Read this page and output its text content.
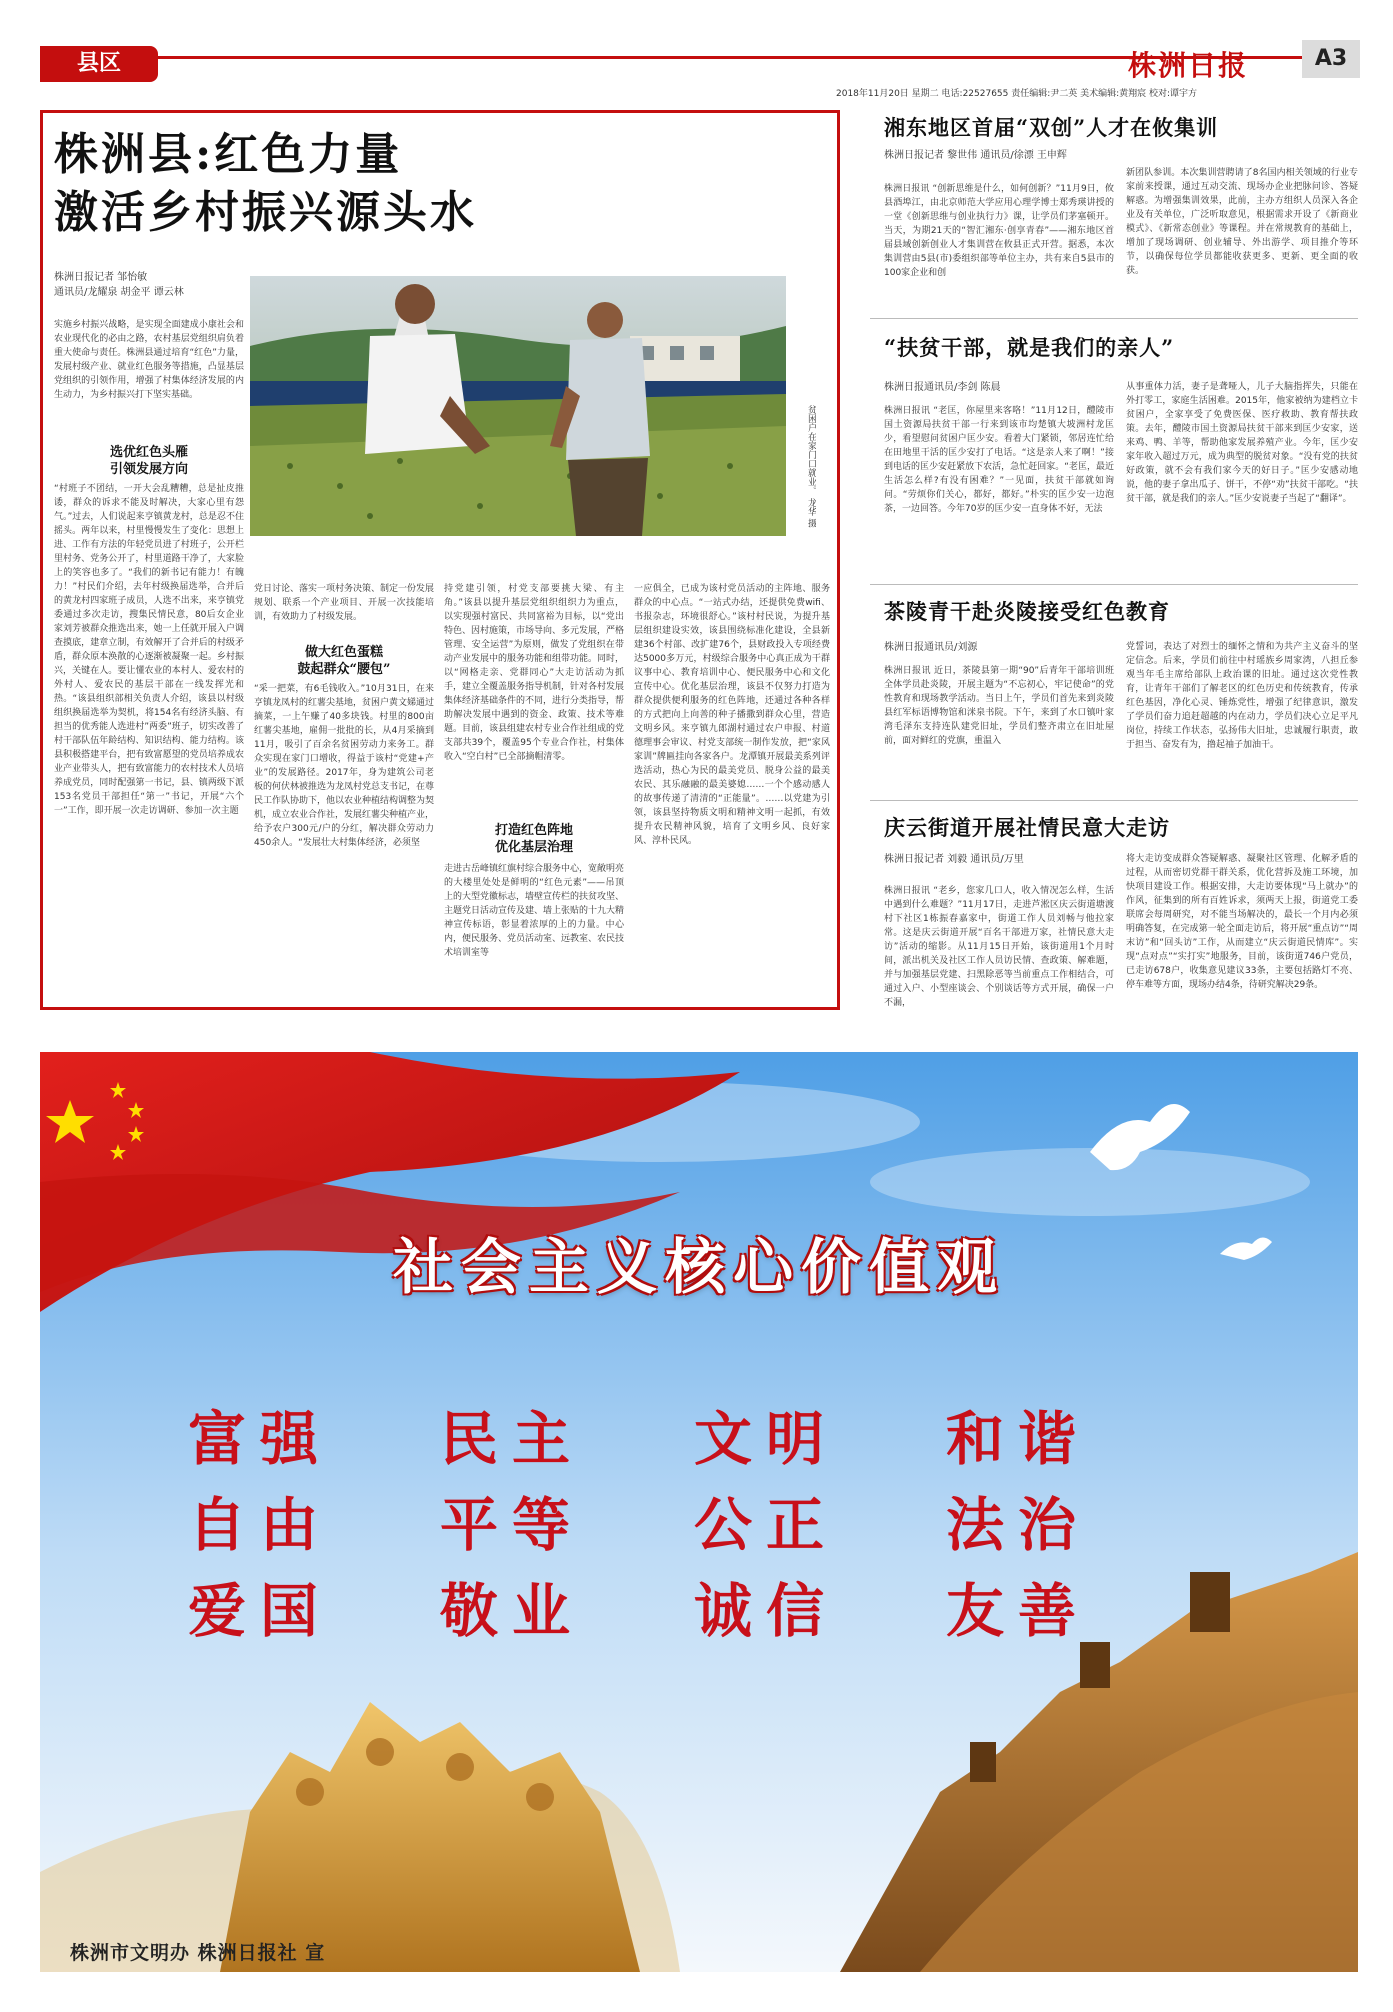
县区	株洲日报	A3
2018年11月20日 星期二 电话:22527655 责任编辑:尹二英 美术编辑:黄翔宸 校对:谭宇方
株洲县:红色力量
激活乡村振兴源头水
株洲日报记者 邹怡敏
通讯员/龙耀泉 胡金平 谭云林
贫困户在家门口就业。 龙华 摄
实施乡村振兴战略，是实现全面建成小康社会和农业现代化的必由之路，农村基层党组织肩负着重大使命与责任。株洲县通过培育“红色”力量，发展村级产业、就业红色服务等措施，凸显基层党组织的引领作用，增强了村集体经济发展的内生动力，为乡村振兴打下坚实基础。
选优红色头雁
引领发展方向
“村班子不团结，一开大会乱糟糟，总是扯皮推诿，群众的诉求不能及时解决，大家心里有怨气。”过去，人们说起来亨镇黄龙村，总是忍不住摇头。两年以来，村里慢慢发生了变化：思想上进、工作有方法的年轻党员进了村班子，公开栏里村务、党务公开了，村里道路干净了，大家脸上的笑容也多了。“我们的新书记有能力！有魄力！”村民们介绍，去年村级换届选举，合并后的黄龙村四家班子成员，人选不出来，来亨镇党委通过多次走访，搜集民情民意，80后女企业家刘芳被群众推选出来，她一上任就开展入户调查摸底，建章立制，有效解开了合并后的村级矛盾，群众原本涣散的心逐渐被凝聚一起。乡村振兴，关键在人。要让懂农业的本村人、爱农村的外村人、爱农民的基层干部在一线发挥光和热。“该县组织部相关负责人介绍，该县以村级组织换届选举为契机，将154名有经济头脑、有担当的优秀能人选进村”两委”班子，切实改善了村干部队伍年龄结构、知识结构、能力结构。该县积极搭建平台，把有致富愿望的党员培养成农业产业带头人，把有致富能力的农村技术人员培养成党员，同时配强第一书记，县、镇两级下派153名党员干部担任“第一”书记，开展“六个一”工作，即开展一次走访调研、参加一次主题
党日讨论、落实一项村务决策、制定一份发展规划、联系一个产业项目、开展一次技能培训，有效助力了村级发展。
做大红色蛋糕
鼓起群众“腰包”
“采一把菜，有6毛钱收入。”10月31日，在来亨镇龙凤村的红薯尖基地，贫困户黄文娣通过摘菜，一上午赚了40多块钱。村里的800亩红薯尖基地，雇佣一批批的长，从4月采摘到11月，吸引了百余名贫困劳动力来务工。群众实现在家门口增收，得益于该村“党建+产业”的发展路径。2017年，身为建筑公司老板的何伏林被推选为龙凤村党总支书记，在尊民工作队协助下，他以农业种植结构调整为契机，成立农业合作社，发展红薯尖种植产业，给予农户300元/户的分红，解决群众劳动力450余人。“发展壮大村集体经济，必须坚
持党建引领，村党支部要挑大梁、有主角。”该县以提升基层党组织组织力为重点，以实现强村富民、共同富裕为目标，以“党出特色、因村施策，市场导向、多元发展，严格管理、安全运营”为原则，做发了党组织在带动产业发展中的服务功能和组带功能。同时，以“网格走亲、党群同心”大走访活动为抓手，建立全覆盖服务指导机制，针对各村发展集体经济基础条件的不同，进行分类指导，帮助解决发展中遇到的资金、政策、技术等难题。目前，该县组建农村专业合作社组成的党支部共39个，覆盖95个专业合作社，村集体收入“空白村”已全部摘帽清零。
打造红色阵地
优化基层治理
走进古岳峰镇红旗村综合服务中心，宽敞明亮的大楼里处处是鲜明的“红色元素”——吊顶上的大型党徽标志，墙壁宣传栏的扶贫攻坚、主题党日活动宣传及建、墙上张贴的十九大精神宣传标语，彰显着浓厚的上的力量。中心内，便民服务、党员活动室、远教室、农民技术培训室等
一应俱全，已成为该村党员活动的主阵地、服务群众的中心点。“一站式办结，还提供免费wifi、书报杂志，环境很舒心。”该村村民说，为提升基层组织建设实效，该县围绕标准化建设，全县新建36个村部、改扩建76个，县财政投入专项经费达5000多万元，村级综合服务中心真正成为干群议事中心、教育培训中心、便民服务中心和文化宣传中心。优化基层治理，该县不仅努力打造为群众提供便利服务的红色阵地，还通过各种各样的方式把向上向善的种子播撒到群众心里，营造文明乡风。来亨镇九郎湖村通过农户申报、村道德理事会审议、村党支部统一制作发放，把“家风家训”牌匾挂向各家各户。龙潭镇开展最美系列评选活动，热心为民的最美党员、脱身公益的最美农民、其乐融融的最美婆媳……一个个感动感人的故事传递了清清的“正能量”。……以党建为引领，该县坚持物质文明和精神文明一起抓，有效提升农民精神风貌，培育了文明乡风、良好家风、淳朴民风。
湘东地区首届“双创”人才在攸集训
株洲日报记者 黎世伟 通讯员/徐漂 王申辉
株洲日报讯 “创新思维是什么，如何创新？”11月9日，攸县酒埠江，由北京师范大学应用心理学博士郑秀瑛讲授的一堂《创新思维与创业执行力》课，让学员们茅塞顿开。当天，为期21天的“智汇湘东·创享青春”——湘东地区首届县域创新创业人才集训营在攸县正式开营。据悉，本次集训营由5县(市)委组织部等单位主办，共有来自5县市的100家企业和创
新团队参训。本次集训营聘请了8名国内相关领域的行业专家前来授课，通过互动交流、现场办企业把脉问诊、答疑解惑。为增强集训效果，此前，主办方组织人员深入各企业及有关单位，广泛听取意见，根据需求开设了《新商业模式》、《新常态创业》等课程。并在常规教育的基础上，增加了现场调研、创业辅导、外出游学、项目推介等环节，以确保每位学员都能收获更多、更新、更全面的收获。
“扶贫干部，就是我们的亲人”
株洲日报通讯员/李剑 陈晨
株洲日报讯 “老匡，你屋里来客咯！”11月12日，醴陵市国土资源局扶贫干部一行来到该市均楚镇大坡洲村龙匡少，看望慰问贫困户匡少安。看着大门紧锁，邻居连忙给在田地里干活的匡少安打了电话。“这是亲人来了啊！”接到电话的匡少安赶紧放下农活，急忙赶回家。“老匡，最近生活怎么样?有没有困难？”一见面，扶贫干部就如询问。“劳烦你们关心，都好，都好。”朴实的匡少安一边泡茶，一边回答。今年70岁的匡少安一直身体不好，无法
从事重体力活，妻子是聋哑人，儿子大脑指挥失，只能在外打零工，家庭生活困难。2015年，他家被纳为建档立卡贫困户，全家享受了免费医保、医疗救助、教育帮扶政策。去年，醴陵市国土资源局扶贫干部来到匡少安家，送来鸡、鸭、羊等，帮助他家发展养殖产业。今年，匡少安家年收入超过万元，成为典型的脱贫对象。“没有党的扶贫好政策，就不会有我们家今天的好日子。”匡少安感动地说，他的妻子拿出瓜子、饼干，不停“劝”扶贫干部吃。“扶贫干部，就是我们的亲人。”匡少安说妻子当起了“翻译”。
茶陵青干赴炎陵接受红色教育
株洲日报通讯员/刘源
株洲日报讯 近日，茶陵县第一期“90”后青年干部培训班全体学员赴炎陵，开展主题为“不忘初心，牢记使命”的党性教育和现场教学活动。当日上午，学员们首先来到炎陵县红军标语博物馆和洣泉书院。下午，来到了水口镇叶家湾毛泽东支持连队建党旧址，学员们整齐肃立在旧址屋前，面对鲜红的党旗，重温入
党誓词，表达了对烈士的缅怀之情和为共产主义奋斗的坚定信念。后来，学员们前往中村瑶族乡周家湾，八担丘参观当年毛主席给部队上政治课的旧址。通过这次党性教育，让青年干部们了解老区的红色历史和传统教育，传承红色基因，净化心灵、锤炼党性，增强了纪律意识，激发了学员们奋力追赶超越的内在动力，学员们决心立足平凡岗位，持续工作状态，弘扬伟大旧址，忠诚履行职责，敢于担当、奋发有为，撸起袖子加油干。
庆云街道开展社情民意大走访
株洲日报记者 刘毅 通讯员/万里
株洲日报讯 “老乡，您家几口人，收入情况怎么样，生活中遇到什么难题？”11月17日，走进芦淞区庆云街道塘渡村下社区1栋振春嘉家中，街道工作人员刘畅与他拉家常。这是庆云街道开展“百名干部进万家，社情民意大走访”活动的缩影。从11月15日开始，该街道用1个月时间，派出机关及社区工作人员访民情、查政策、解难题，并与加强基层党建、扫黑除恶等当前重点工作相结合，可通过入户、小型座谈会、个别谈话等方式开展，确保一户不漏，
将大走访变成群众答疑解惑、凝聚社区管理、化解矛盾的过程，从而密切党群干群关系，优化营拆及施工环境，加快项目建设工作。根据安排，大走访要体现“马上就办”的作风，征集到的所有百姓诉求，须两天上报，街道党工委联席会每周研究，对不能当场解决的，最长一个月内必须明确答复，在完成第一轮全面走访后，将开展“重点访”“周末访”和“回头访”工作，从而建立“庆云街道民情库”。实现“点对点”“实打实”地服务，目前，该街道746户党员，已走访678户，收集意见建议33条，主要包括路灯不亮、停车难等方面，现场办结4条，待研究解决29条。
社会主义核心价值观
富强 民主 文明 和谐
自由 平等 公正 法治
爱国 敬业 诚信 友善
株洲市文明办 株洲日报社 宣
